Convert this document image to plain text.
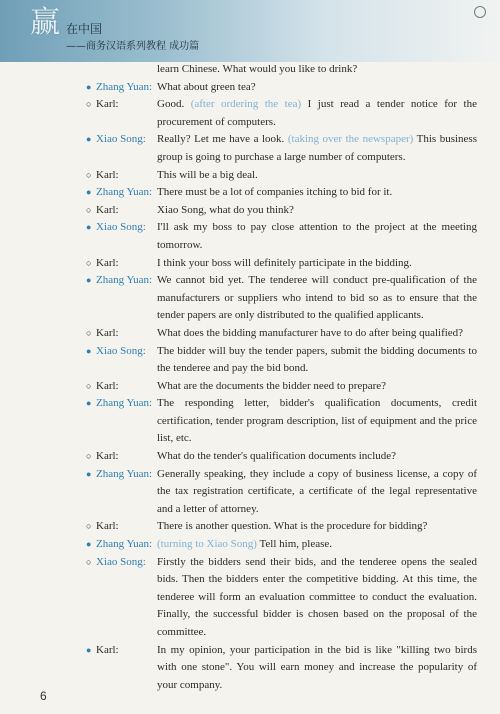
赢 在中国
——商务汉语系列教程 成功篇
learn Chinese. What would you like to drink?
● Zhang Yuan: What about green tea?
○ Karl:	Good. (after ordering the tea) I just read a tender notice for the procurement of computers.
● Xiao Song:	Really? Let me have a look. (taking over the newspaper) This business group is going to purchase a large number of computers.
○ Karl:	This will be a big deal.
● Zhang Yuan: There must be a lot of companies itching to bid for it.
○ Karl:	Xiao Song, what do you think?
● Xiao Song:	I'll ask my boss to pay close attention to the project at the meeting tomorrow.
○ Karl:	I think your boss will definitely participate in the bidding.
● Zhang Yuan: We cannot bid yet. The tenderee will conduct pre-qualification of the manufacturers or suppliers who intend to bid so as to ensure that the tender papers are only distributed to the qualified applicants.
○ Karl:	What does the bidding manufacturer have to do after being qualified?
● Xiao Song:	The bidder will buy the tender papers, submit the bidding documents to the tenderee and pay the bid bond.
○ Karl:	What are the documents the bidder need to prepare?
● Zhang Yuan: The responding letter, bidder's qualification documents, credit certification, tender program description, list of equipment and the price list, etc.
○ Karl:	What do the tender's qualification documents include?
● Zhang Yuan: Generally speaking, they include a copy of business license, a copy of the tax registration certificate, a certificate of the legal representative and a letter of attorney.
○ Karl:	There is another question. What is the procedure for bidding?
● Zhang Yuan: (turning to Xiao Song) Tell him, please.
○ Xiao Song:	Firstly the bidders send their bids, and the tenderee opens the sealed bids. Then the bidders enter the competitive bidding. At this time, the tenderee will form an evaluation committee to conduct the evaluation. Finally, the successful bidder is chosen based on the proposal of the committee.
● Karl:	In my opinion, your participation in the bid is like "killing two birds with one stone". You will earn money and increase the popularity of your company.
6
